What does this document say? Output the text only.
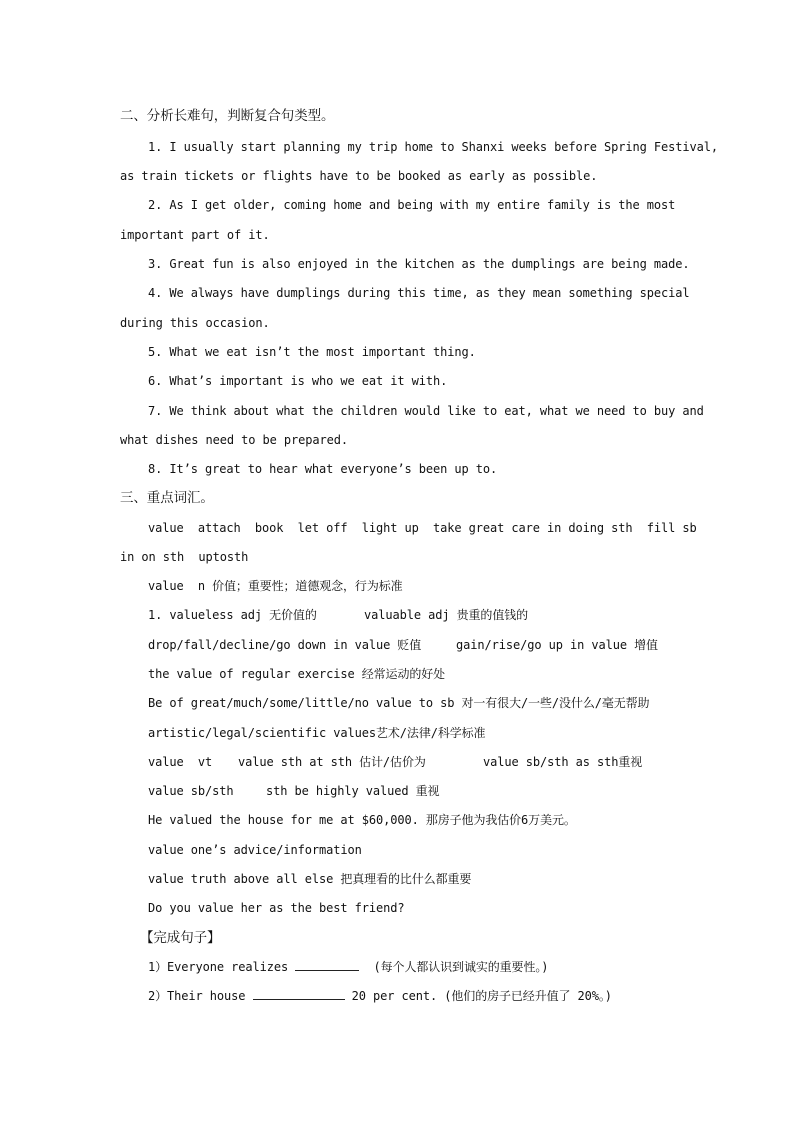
二、分析长难句，判断复合句类型。
1. I usually start planning my trip home to Shanxi weeks before Spring Festival,
as train tickets or flights have to be booked as early as possible.
2. As I get older, coming home and being with my entire family is the most
important part of it.
3. Great fun is also enjoyed in the kitchen as the dumplings are being made.
4. We always have dumplings during this time, as they mean something special
during this occasion.
5. What we eat isn’t the most important thing.
6. What’s important is who we eat it with.
7. We think about what the children would like to eat, what we need to buy and
what dishes need to be prepared.
8. It’s great to hear what everyone’s been up to.
三、重点词汇。
value  attach  book  let off  light up  take great care in doing sth  fill sb
in on sth  uptosth
value  n 价值；重要性；道德观念，行为标准
1. valueless adj 无价值的	valuable adj 贵重的值钱的
drop/fall/decline/go down in value 贬值	gain/rise/go up in value 增值
the value of regular exercise 经常运动的好处
Be of great/much/some/little/no value to sb 对一有很大/一些/没什么/毫无帮助
artistic/legal/scientific values艺术/法律/科学标准
value  vt value sth at sth 估计/估价为	value sb/sth as sth重视
value sb/sth	sth be highly valued 重视
He valued the house for me at $60,000. 那房子他为我估价6万美元。
value one’s advice/information
value truth above all else 把真理看的比什么都重要
Do you value her as the best friend?
【完成句子】
1）Everyone realizes	(每个人都认识到诚实的重要性。)
2）Their house	20 per cent. (他们的房子已经升值了 20%。)
